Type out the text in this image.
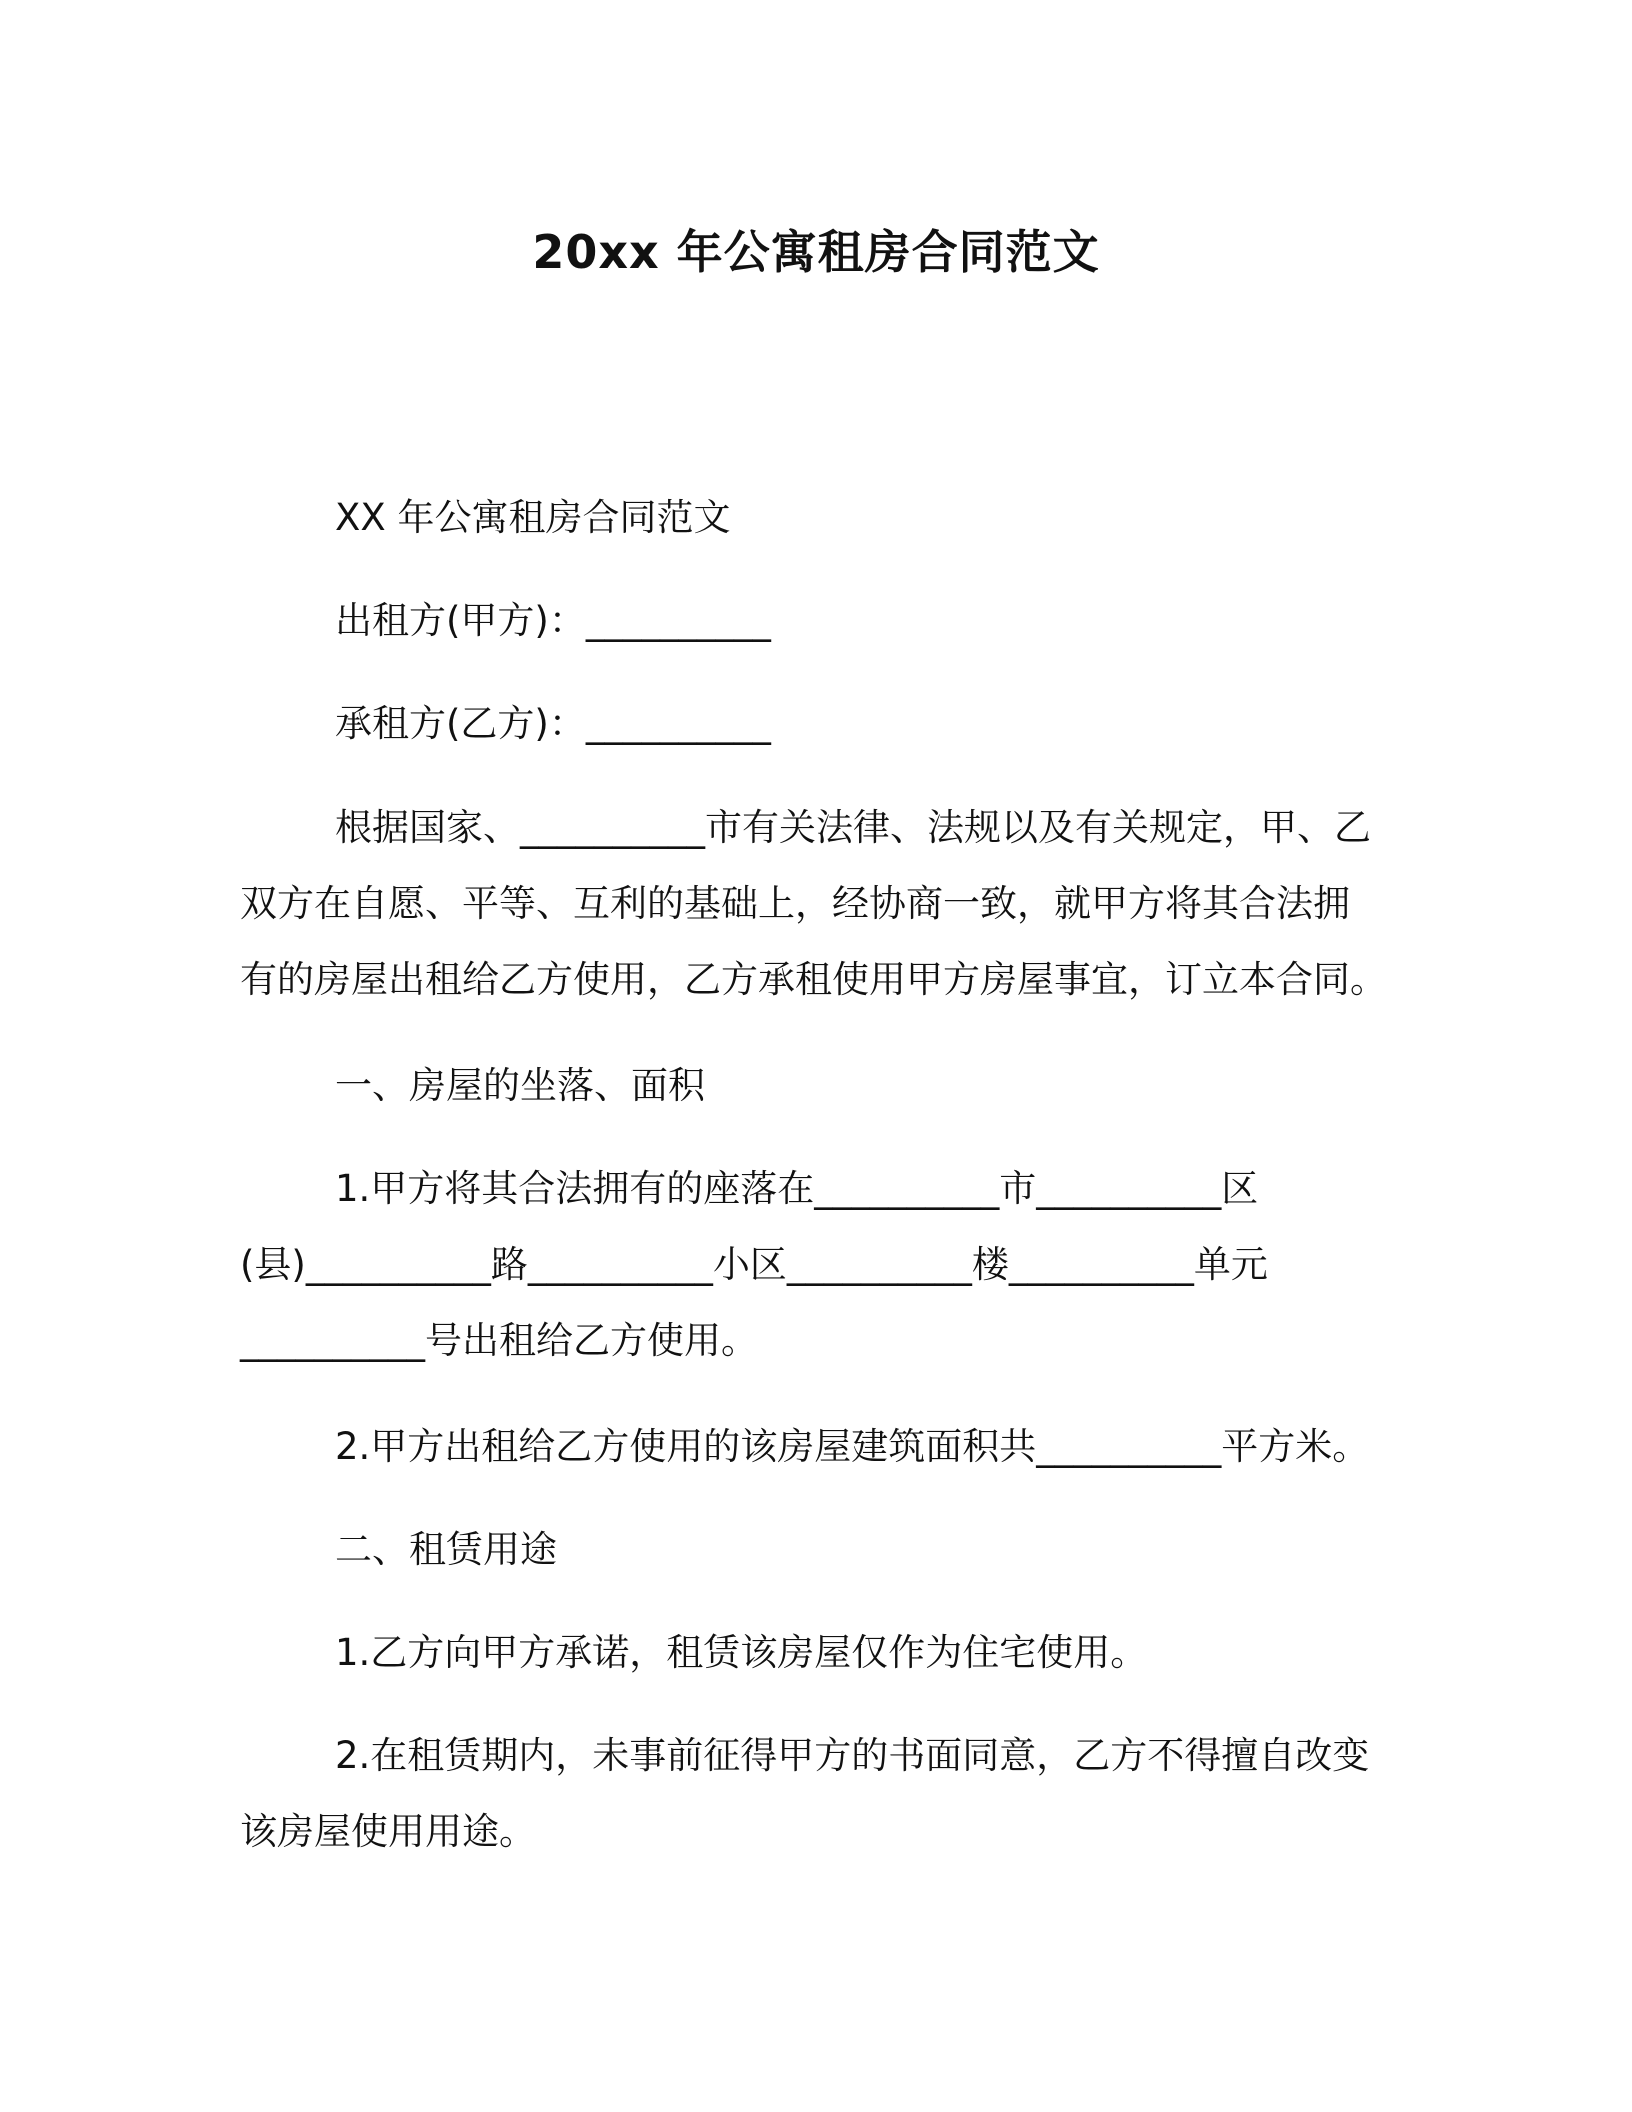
20xx 年公寓租房合同范文
XX 年公寓租房合同范文
出租方(甲方)：__________
承租方(乙方)：__________
根据国家、__________市有关法律、法规以及有关规定，甲、乙
双方在自愿、平等、互利的基础上，经协商一致，就甲方将其合法拥
有的房屋出租给乙方使用，乙方承租使用甲方房屋事宜，订立本合同。
一、房屋的坐落、面积
1.甲方将其合法拥有的座落在__________市__________区
(县)__________路__________小区__________楼__________单元
__________号出租给乙方使用。
2.甲方出租给乙方使用的该房屋建筑面积共__________平方米。
二、租赁用途
1.乙方向甲方承诺，租赁该房屋仅作为住宅使用。
2.在租赁期内，未事前征得甲方的书面同意，乙方不得擅自改变
该房屋使用用途。
